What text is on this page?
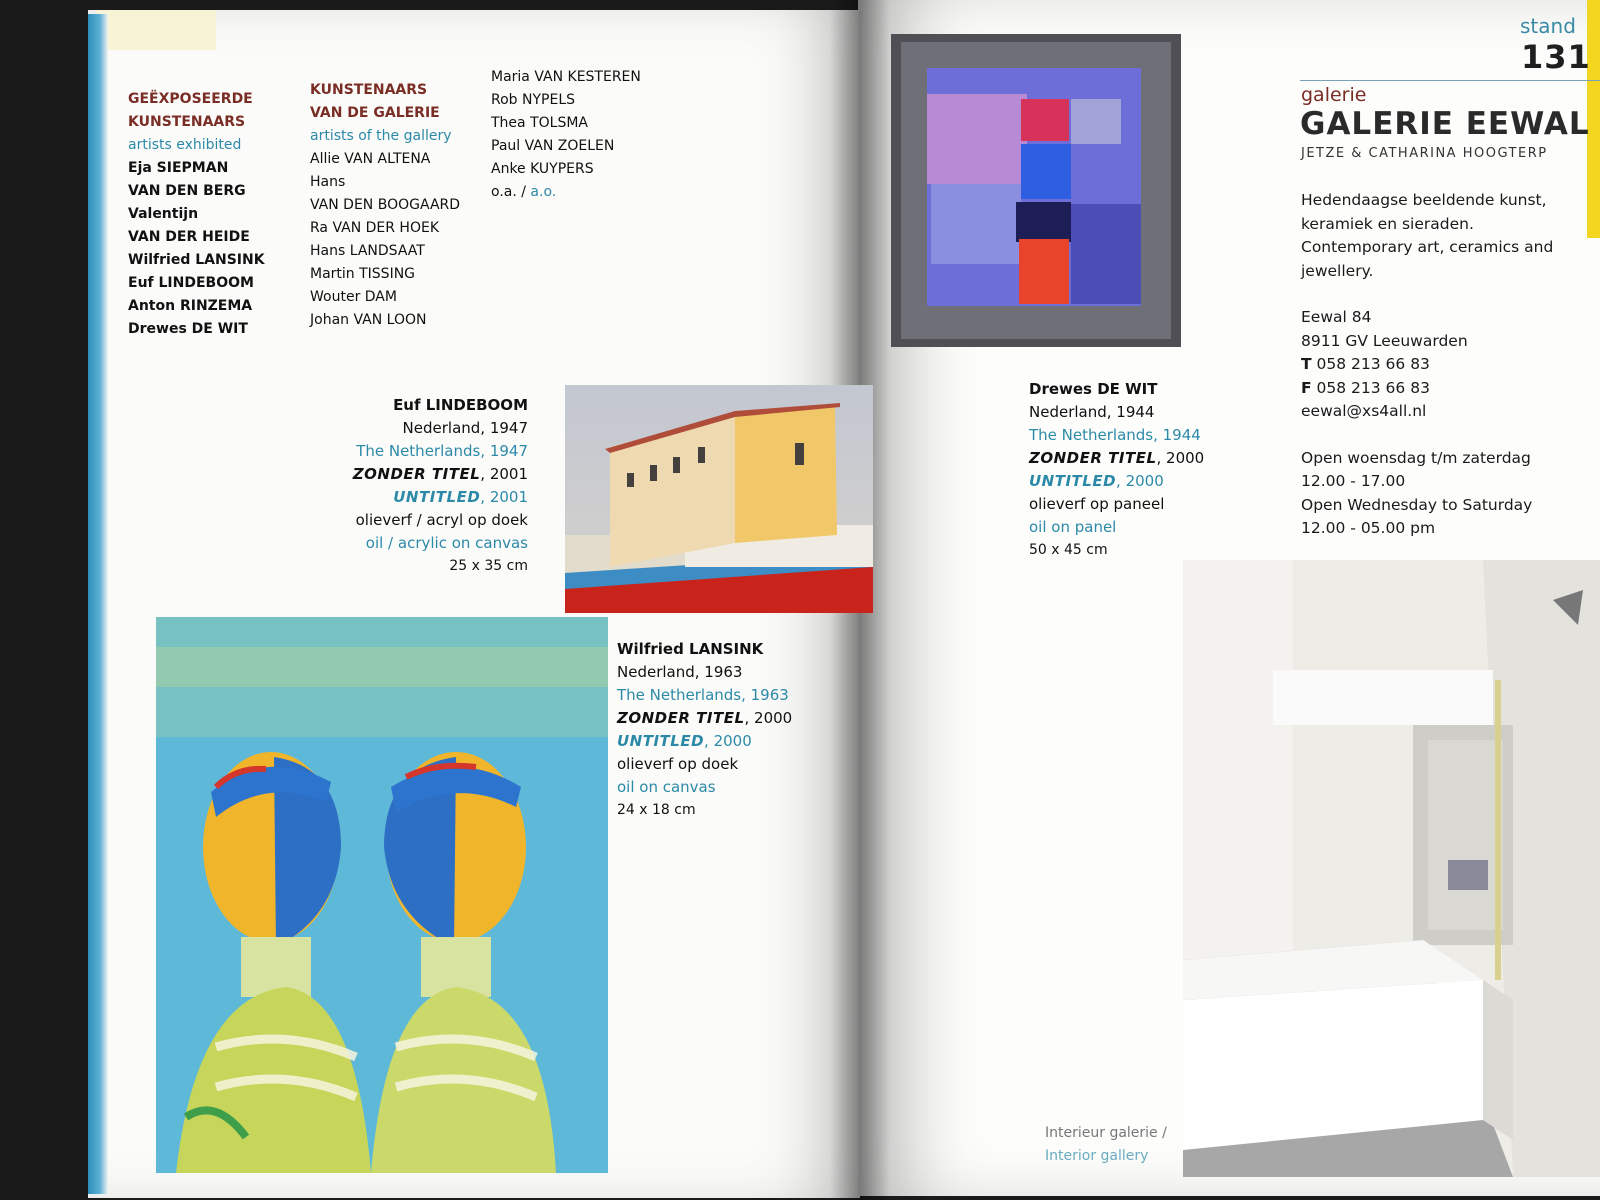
GEËXPOSEERDE
KUNSTENAARS
artists exhibited
Eja SIEPMAN
VAN DEN BERG
Valentijn
VAN DER HEIDE
Wilfried LANSINK
Euf LINDEBOOM
Anton RINZEMA
Drewes DE WIT
KUNSTENAARS
VAN DE GALERIE
artists of the gallery
Allie VAN ALTENA
Hans
VAN DEN BOOGAARD
Ra VAN DER HOEK
Hans LANDSAAT
Martin TISSING
Wouter DAM
Johan VAN LOON
Maria VAN KESTEREN
Rob NYPELS
Thea TOLSMA
Paul VAN ZOELEN
Anke KUYPERS
o.a. / a.o.
Euf LINDEBOOM
Nederland, 1947
The Netherlands, 1947
ZONDER TITEL, 2001
UNTITLED, 2001
olieverf / acryl op doek
oil / acrylic on canvas
25 x 35 cm
Wilfried LANSINK
Nederland, 1963
The Netherlands, 1963
ZONDER TITEL, 2000
UNTITLED, 2000
olieverf op doek
oil on canvas
24 x 18 cm
Drewes DE WIT
Nederland, 1944
The Netherlands, 1944
ZONDER TITEL, 2000
UNTITLED, 2000
olieverf op paneel
oil on panel
50 x 45 cm
stand
131
galerie
GALERIE EEWAL
JETZE & CATHARINA HOOGTERP
Hedendaagse beeldende kunst,
keramiek en sieraden.
Contemporary art, ceramics and
jewellery.
Eewal 84
8911 GV Leeuwarden
T 058 213 66 83
F 058 213 66 83
eewal@xs4all.nl
Open woensdag t/m zaterdag
12.00 - 17.00
Open Wednesday to Saturday
12.00 - 05.00 pm
Interieur galerie /
Interior gallery
